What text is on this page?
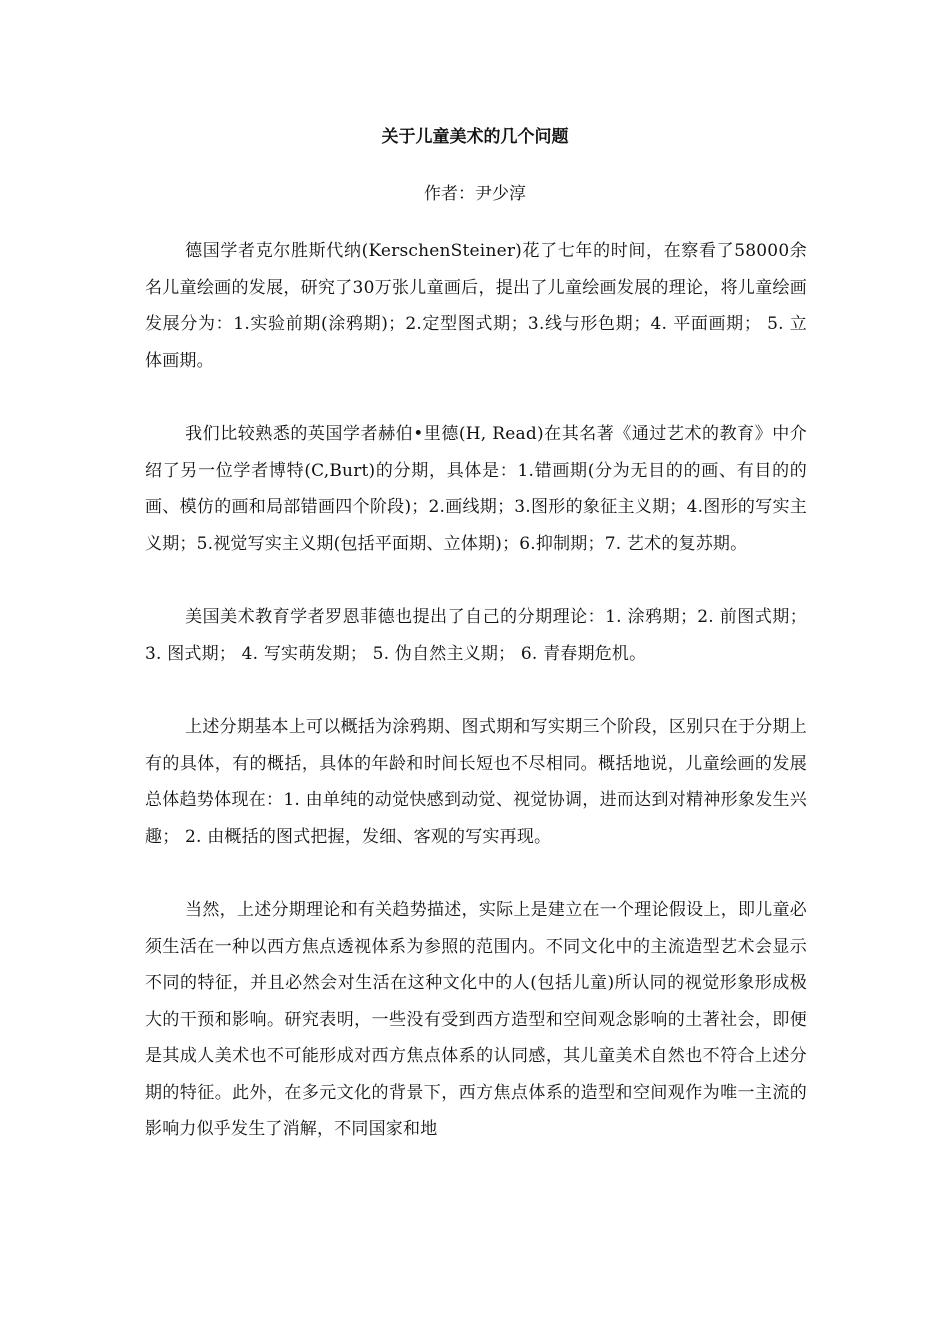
关于儿童美术的几个问题
作者：尹少淳

德国学者克尔胜斯代纳(KerschenSteiner)花了七年的时间，在察看了58000余名儿童绘画的发展，研究了30万张儿童画后，提出了儿童绘画发展的理论，将儿童绘画发展分为：1.实验前期(涂鸦期)；2.定型图式期；3.线与形色期；4. 平面画期； 5. 立体画期。

我们比较熟悉的英国学者赫伯•里德(H, Read)在其名著《通过艺术的教育》中介绍了另一位学者博特(C,Burt)的分期，具体是：1.错画期(分为无目的的画、有目的的画、模仿的画和局部错画四个阶段)；2.画线期；3.图形的象征主义期；4.图形的写实主义期；5.视觉写实主义期(包括平面期、立体期)；6.抑制期；7. 艺术的复苏期。

美国美术教育学者罗恩菲德也提出了自己的分期理论：1. 涂鸦期；2. 前图式期； 3. 图式期； 4. 写实萌发期； 5. 伪自然主义期； 6. 青春期危机。

上述分期基本上可以概括为涂鸦期、图式期和写实期三个阶段，区别只在于分期上有的具体，有的概括，具体的年龄和时间长短也不尽相同。概括地说，儿童绘画的发展总体趋势体现在：1. 由单纯的动觉快感到动觉、视觉协调，进而达到对精神形象发生兴趣； 2. 由概括的图式把握，发细、客观的写实再现。

当然，上述分期理论和有关趋势描述，实际上是建立在一个理论假设上，即儿童必须生活在一种以西方焦点透视体系为参照的范围内。不同文化中的主流造型艺术会显示不同的特征，并且必然会对生活在这种文化中的人(包括儿童)所认同的视觉形象形成极大的干预和影响。研究表明，一些没有受到西方造型和空间观念影响的土著社会，即便是其成人美术也不可能形成对西方焦点体系的认同感，其儿童美术自然也不符合上述分期的特征。此外，在多元文化的背景下，西方焦点体系的造型和空间观作为唯一主流的影响力似乎发生了消解，不同国家和地
